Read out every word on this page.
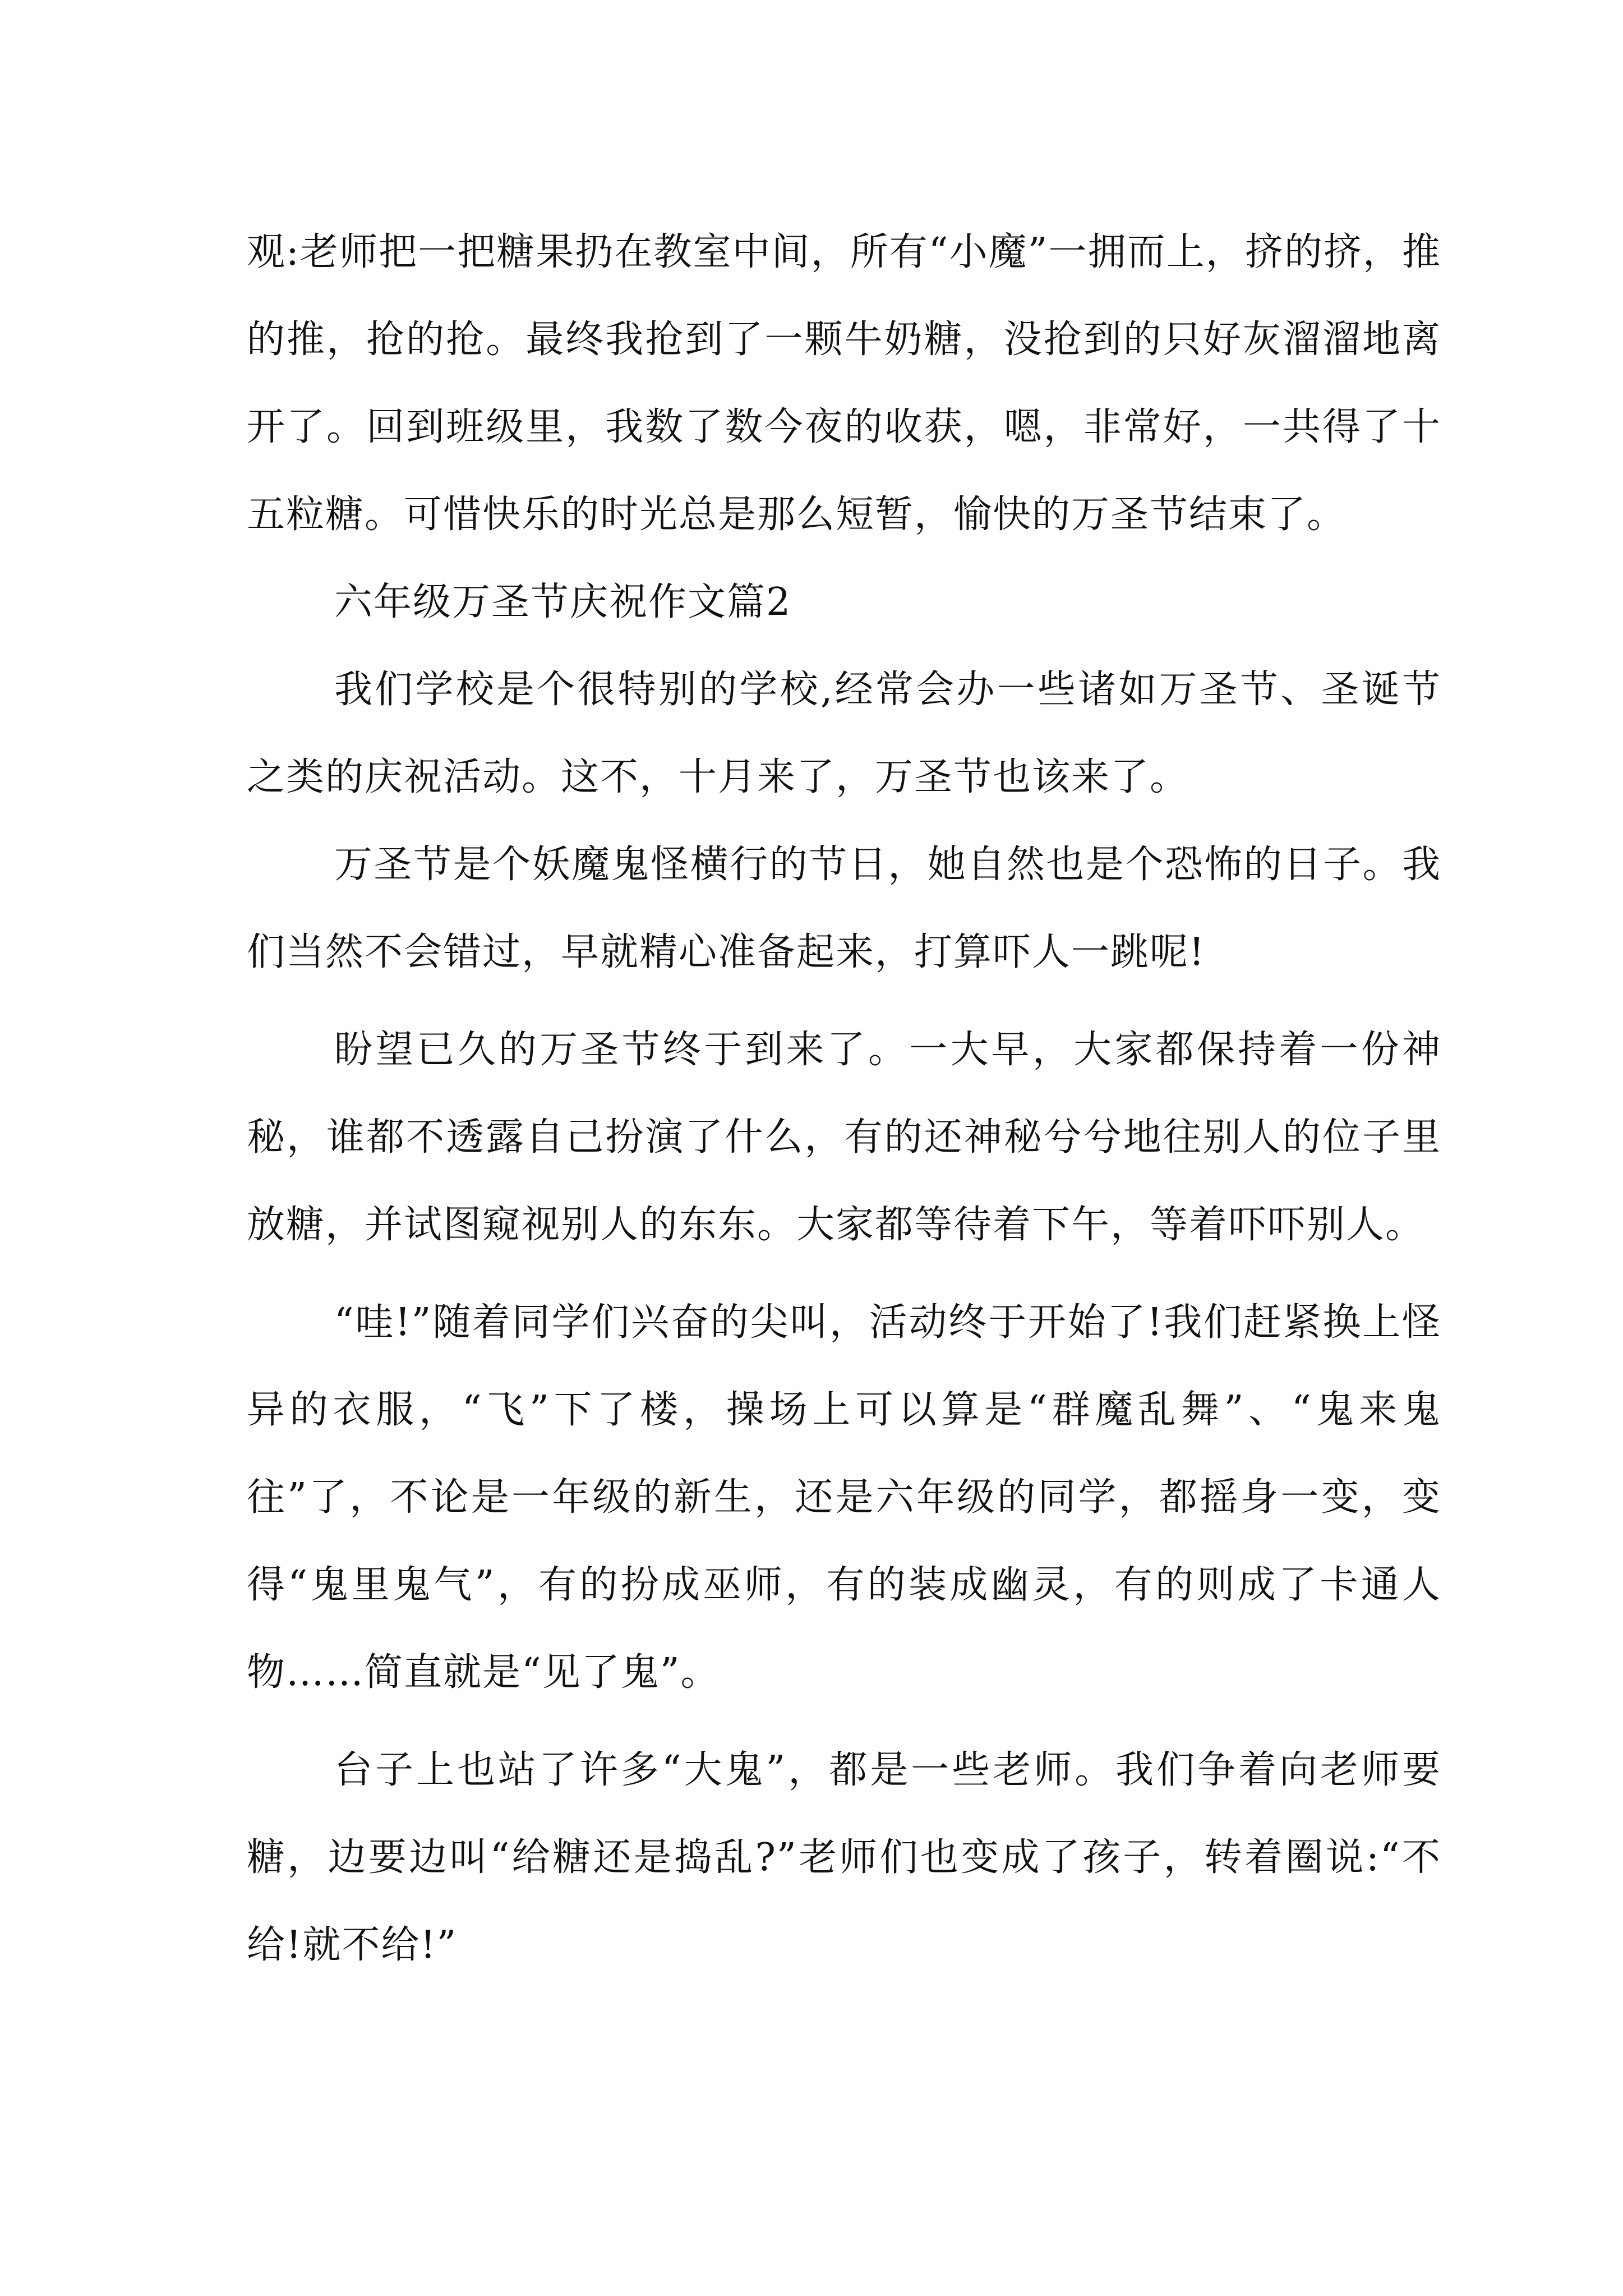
观:老师把一把糖果扔在教室中间，所有“小魔”一拥而上，挤的挤，推的推，抢的抢。最终我抢到了一颗牛奶糖，没抢到的只好灰溜溜地离开了。回到班级里，我数了数今夜的收获，嗯，非常好，一共得了十五粒糖。可惜快乐的时光总是那么短暂，愉快的万圣节结束了。

六年级万圣节庆祝作文篇2

我们学校是个很特别的学校,经常会办一些诸如万圣节、圣诞节之类的庆祝活动。这不，十月来了，万圣节也该来了。

万圣节是个妖魔鬼怪横行的节日，她自然也是个恐怖的日子。我们当然不会错过，早就精心准备起来，打算吓人一跳呢!

盼望已久的万圣节终于到来了。一大早，大家都保持着一份神秘，谁都不透露自己扮演了什么，有的还神秘兮兮地往别人的位子里放糖，并试图窥视别人的东东。大家都等待着下午，等着吓吓别人。

“哇!”随着同学们兴奋的尖叫，活动终于开始了!我们赶紧换上怪异的衣服，“飞”下了楼，操场上可以算是“群魔乱舞”、“鬼来鬼往”了，不论是一年级的新生，还是六年级的同学，都摇身一变，变得“鬼里鬼气”，有的扮成巫师，有的装成幽灵，有的则成了卡通人物……简直就是“见了鬼”。

台子上也站了许多“大鬼”，都是一些老师。我们争着向老师要糖，边要边叫“给糖还是捣乱?”老师们也变成了孩子，转着圈说:“不给!就不给!”
